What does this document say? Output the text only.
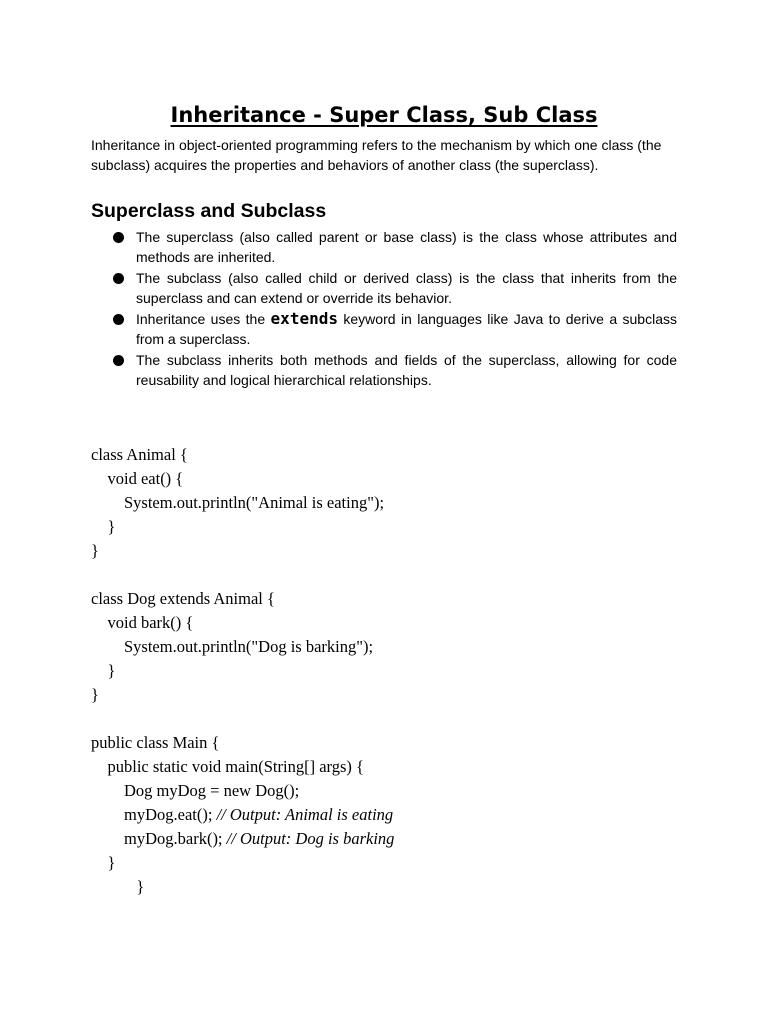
Inheritance - Super Class, Sub Class

Inheritance in object-oriented programming refers to the mechanism by which one class (the subclass) acquires the properties and behaviors of another class (the superclass).

Superclass and Subclass
The superclass (also called parent or base class) is the class whose attributes and methods are inherited.
The subclass (also called child or derived class) is the class that inherits from the superclass and can extend or override its behavior.
Inheritance uses the extends keyword in languages like Java to derive a subclass from a superclass.
The subclass inherits both methods and fields of the superclass, allowing for code reusability and logical hierarchical relationships.
class Animal {
void eat() {
System.out.println("Animal is eating");
}
}
class Dog extends Animal {
void bark() {
System.out.println("Dog is barking");
}
}
public class Main {
public static void main(String[] args) {
Dog myDog = new Dog();
myDog.eat(); // Output: Animal is eating
myDog.bark(); // Output: Dog is barking
}
}
